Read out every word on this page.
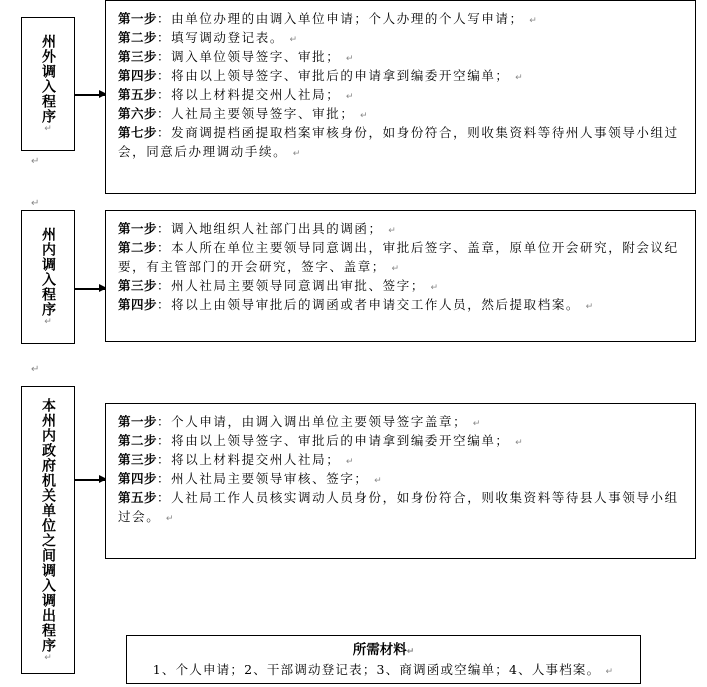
州外调入程序
↵

第一步：由单位办理的由调入单位申请；个人办理的个人写申请； ↵

第二步：填写调动登记表。 ↵

第三步：调入单位领导签字、审批； ↵

第四步：将由以上领导签字、审批后的申请拿到编委开空编单； ↵

第五步：将以上材料提交州人社局； ↵

第六步：人社局主要领导签字、审批； ↵

第七步：发商调提档函提取档案审核身份，如身份符合，则收集资料等待州人事领导小组过会，同意后办理调动手续。 ↵

↵
↵
州内调入程序
↵

第一步：调入地组织人社部门出具的调函； ↵

第二步：本人所在单位主要领导同意调出，审批后签字、盖章，原单位开会研究，附会议纪要，有主管部门的开会研究，签字、盖章； ↵

第三步：州人社局主要领导同意调出审批、签字； ↵

第四步：将以上由领导审批后的调函或者申请交工作人员，然后提取档案。 ↵

↵
本州内政府机关单位之间调入调出程序
↵

第一步：个人申请，由调入调出单位主要领导签字盖章； ↵

第二步：将由以上领导签字、审批后的申请拿到编委开空编单； ↵

第三步：将以上材料提交州人社局； ↵

第四步：州人社局主要领导审核、签字； ↵

第五步：人社局工作人员核实调动人员身份，如身份符合，则收集资料等待县人事领导小组过会。 ↵

所需材料↵
1、个人申请；2、干部调动登记表；3、商调函或空编单；4、人事档案。 ↵
